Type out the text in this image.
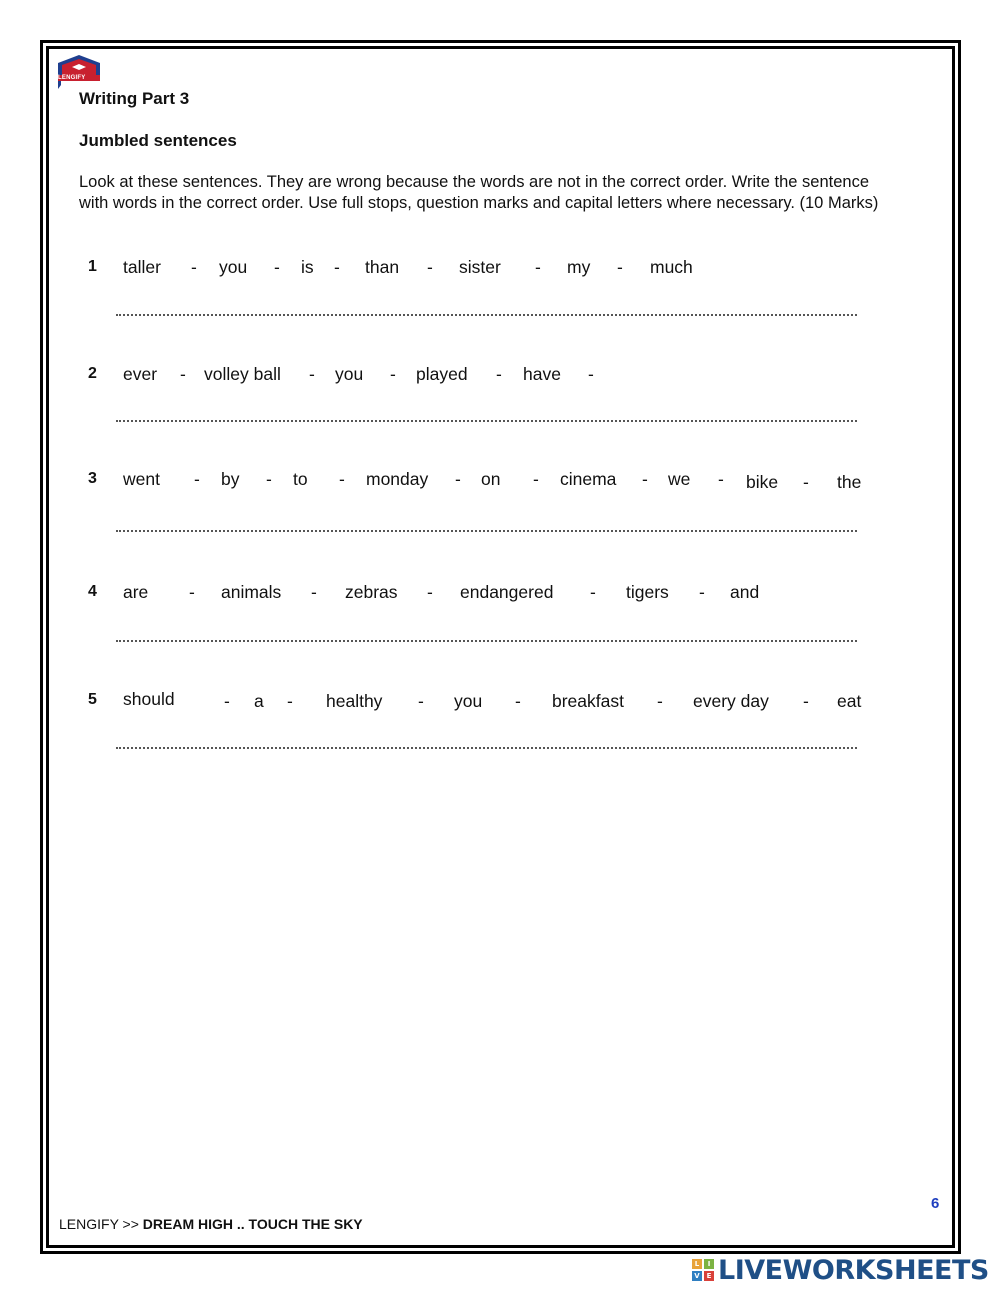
LENGIFY
Writing Part 3
Jumbled sentences
Look at these sentences. They are wrong because the words are not in the correct order. Write the sentence with words in the correct order. Use full stops, question marks and capital letters where necessary. (10 Marks)
1 taller - you - is - than - sister - my - much
2 ever - volley ball - you - played - have -
3 went - by - to - monday - on - cinema - we - bike - the
4 are - animals - zebras - endangered - tigers - and
5 should	- a - healthy - you - breakfast - every day - eat
6
LENGIFY >> DREAM HIGH .. TOUCH THE SKY
L	I
V E LIVEWORKSHEETS
